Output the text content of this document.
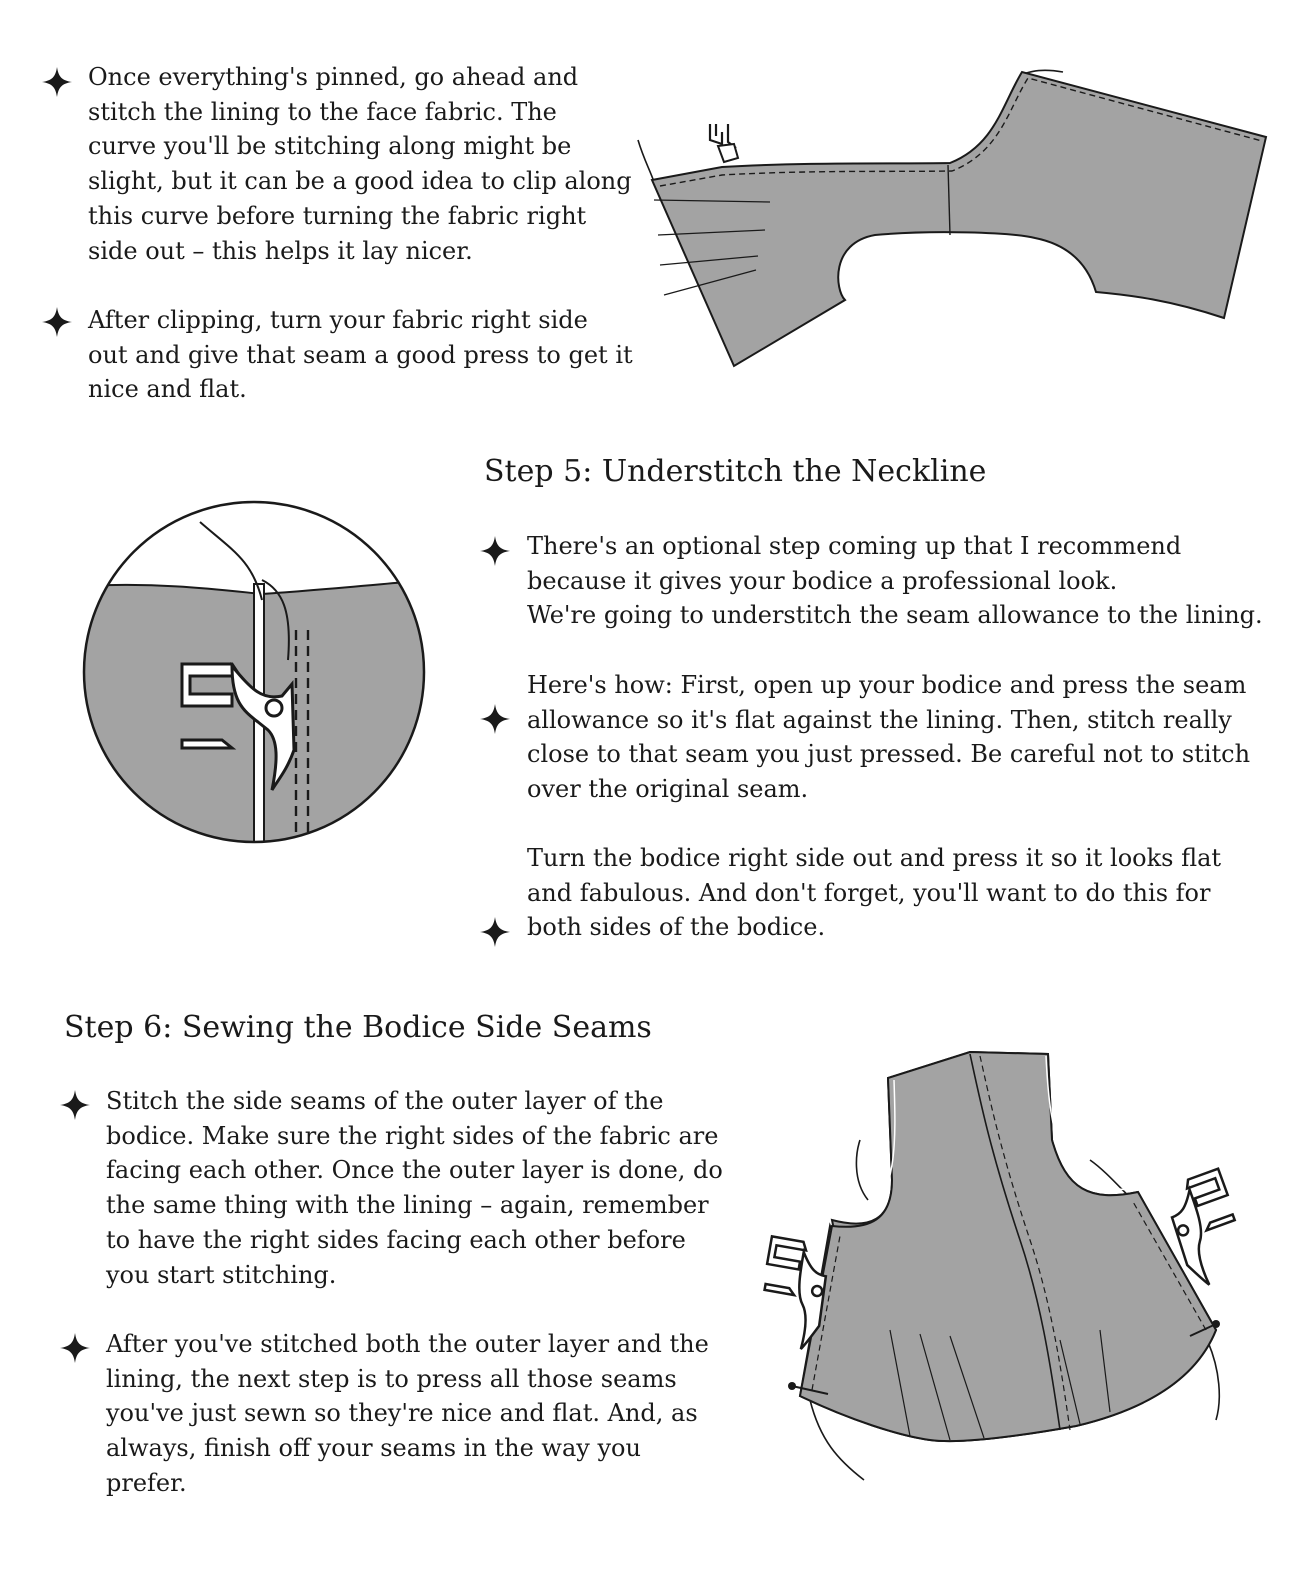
Once everything's pinned, go ahead and
stitch the lining to the face fabric. The
curve you'll be stitching along might be
slight, but it can be a good idea to clip along
this curve before turning the fabric right
side out – this helps it lay nicer.
After clipping, turn your fabric right side
out and give that seam a good press to get it
nice and flat.
Step 5: Understitch the Neckline
There's an optional step coming up that I recommend
because it gives your bodice a professional look.
We're going to understitch the seam allowance to the lining.
Here's how: First, open up your bodice and press the seam
allowance so it's flat against the lining. Then, stitch really
close to that seam you just pressed. Be careful not to stitch
over the original seam.
Turn the bodice right side out and press it so it looks flat
and fabulous. And don't forget, you'll want to do this for
both sides of the bodice.
Step 6: Sewing the Bodice Side Seams
Stitch the side seams of the outer layer of the
bodice. Make sure the right sides of the fabric are
facing each other. Once the outer layer is done, do
the same thing with the lining – again, remember
to have the right sides facing each other before
you start stitching.
After you've stitched both the outer layer and the
lining, the next step is to press all those seams
you've just sewn so they're nice and flat. And, as
always, finish off your seams in the way you
prefer.
